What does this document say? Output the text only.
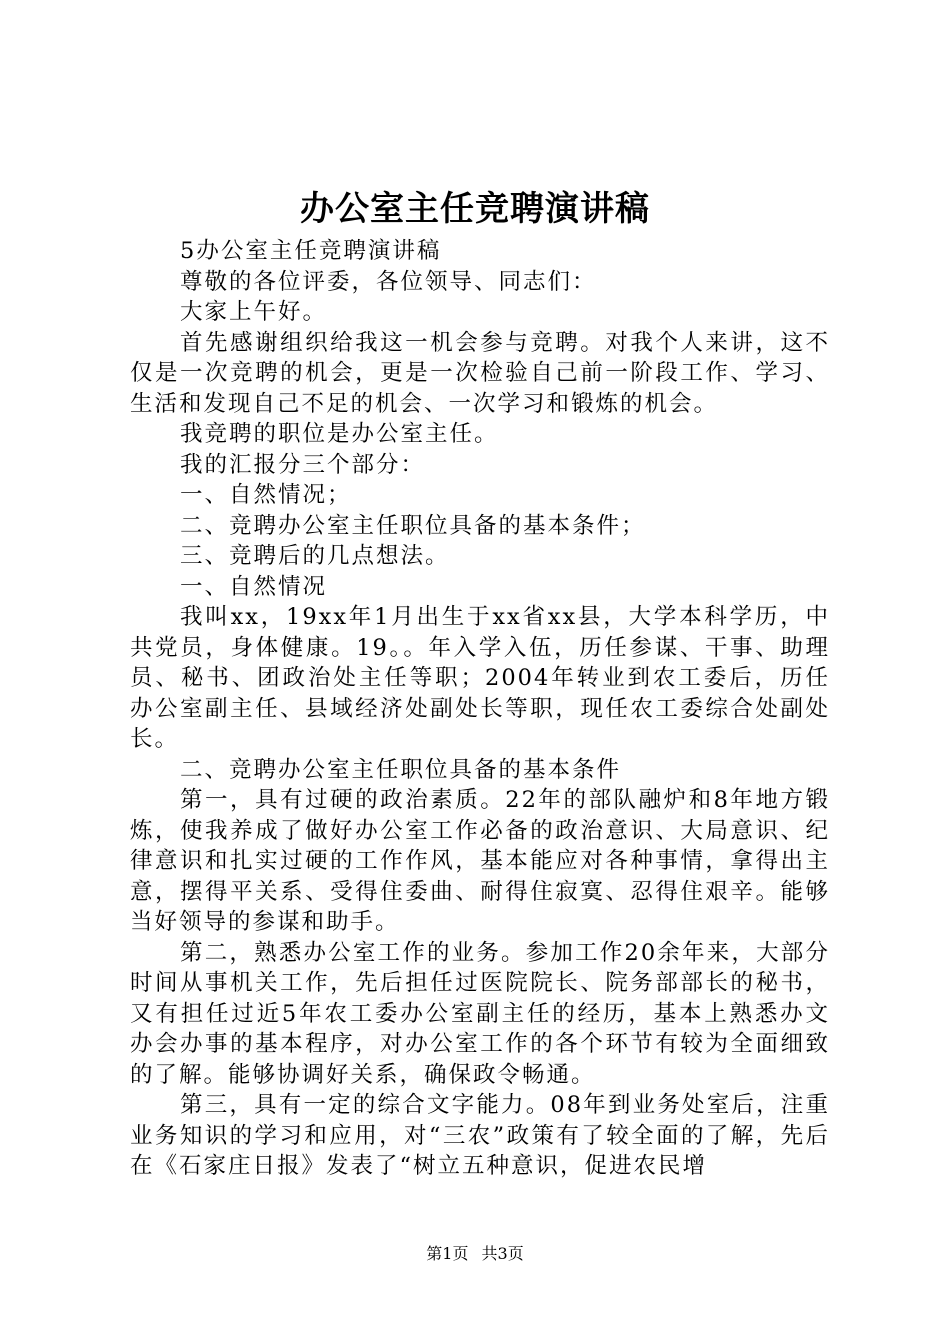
办公室主任竞聘演讲稿

5办公室主任竞聘演讲稿

尊敬的各位评委，各位领导、同志们：

大家上午好。

首先感谢组织给我这一机会参与竞聘。对我个人来讲，这不仅是一次竞聘的机会，更是一次检验自己前一阶段工作、学习、生活和发现自己不足的机会、一次学习和锻炼的机会。

我竞聘的职位是办公室主任。

我的汇报分三个部分：

一、自然情况；

二、竞聘办公室主任职位具备的基本条件；

三、竞聘后的几点想法。

一、自然情况

我叫xx，19xx年1月出生于xx省xx县，大学本科学历，中共党员，身体健康。19。。年入学入伍，历任参谋、干事、助理员、秘书、团政治处主任等职；2004年转业到农工委后，历任办公室副主任、县域经济处副处长等职，现任农工委综合处副处长。

二、竞聘办公室主任职位具备的基本条件

第一，具有过硬的政治素质。22年的部队融炉和8年地方锻炼，使我养成了做好办公室工作必备的政治意识、大局意识、纪律意识和扎实过硬的工作作风，基本能应对各种事情，拿得出主意，摆得平关系、受得住委曲、耐得住寂寞、忍得住艰辛。能够当好领导的参谋和助手。

第二，熟悉办公室工作的业务。参加工作20余年来，大部分时间从事机关工作，先后担任过医院院长、院务部部长的秘书，又有担任过近5年农工委办公室副主任的经历，基本上熟悉办文办会办事的基本程序，对办公室工作的各个环节有较为全面细致的了解。能够协调好关系，确保政令畅通。

第三，具有一定的综合文字能力。08年到业务处室后，注重业务知识的学习和应用，对“三农”政策有了较全面的了解，先后在《石家庄日报》发表了“树立五种意识，促进农民增

第1页 共3页
